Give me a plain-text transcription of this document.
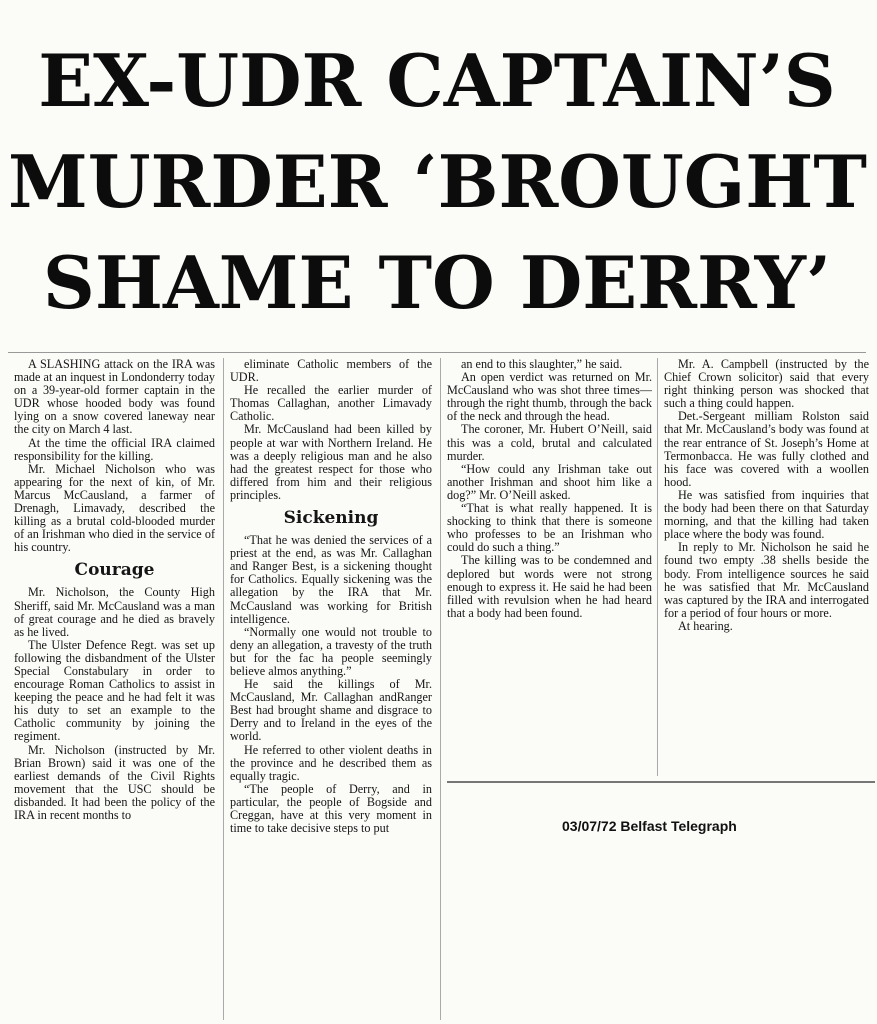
EX-UDR CAPTAIN’S
MURDER ‘BROUGHT
SHAME TO DERRY’

A SLASHING attack on the IRA was made at an inquest in Londonderry today on a 39-year-old former captain in the UDR whose hooded body was found lying on a snow covered laneway near the city on March 4 last.

At the time the official IRA claimed responsibility for the killing.

Mr. Michael Nicholson who was appearing for the next of kin, of Mr. Marcus McCausland, a farmer of Drenagh, Limavady, described the killing as a brutal cold-blooded murder of an Irishman who died in the service of his country.

Courage

Mr. Nicholson, the County High Sheriff, said Mr. McCausland was a man of great courage and he died as bravely as he lived.

The Ulster Defence Regt. was set up following the disbandment of the Ulster Special Constabulary in order to encourage Roman Catholics to assist in keeping the peace and he had felt it was his duty to set an example to the Catholic community by joining the regiment.

Mr. Nicholson (instructed by Mr. Brian Brown) said it was one of the earliest demands of the Civil Rights movement that the USC should be disbanded. It had been the policy of the IRA in recent months to

eliminate Catholic members of the UDR.

He recalled the earlier murder of Thomas Callaghan, another Limavady Catholic.

Mr. McCausland had been killed by people at war with Northern Ireland. He was a deeply religious man and he also had the greatest respect for those who differed from him and their religious principles.

Sickening

“That he was denied the services of a priest at the end, as was Mr. Callaghan and Ranger Best, is a sickening thought for Catholics. Equally sickening was the allegation by the IRA that Mr. McCausland was working for British intelligence.

“Normally one would not trouble to deny an allegation, a travesty of the truth but for the fac ha people seemingly believe almos anything.”

He said the killings of Mr. McCausland, Mr. Callaghan andRanger Best had brought shame and disgrace to Derry and to Ireland in the eyes of the world.

He referred to other violent deaths in the province and he described them as equally tragic.

“The people of Derry, and in particular, the people of Bogside and Creggan, have at this very moment in time to take decisive steps to put

an end to this slaughter,” he said.

An open verdict was returned on Mr. McCausland who was shot three times—through the right thumb, through the back of the neck and through the head.

The coroner, Mr. Hubert O’Neill, said this was a cold, brutal and calculated murder.

“How could any Irishman take out another Irishman and shoot him like a dog?” Mr. O’Neill asked.

“That is what really happened. It is shocking to think that there is someone who professes to be an Irishman who could do such a thing.”

The killing was to be condemned and deplored but words were not strong enough to express it. He said he had been filled with revulsion when he had heard that a body had been found.

Mr. A. Campbell (instructed by the Chief Crown solicitor) said that every right thinking person was shocked that such a thing could happen.

Det.-Sergeant milliam Rolston said that Mr. McCausland’s body was found at the rear entrance of St. Joseph’s Home at Termonbacca. He was fully clothed and his face was covered with a woollen hood.

He was satisfied from inquiries that the body had been there on that Saturday morning, and that the killing had taken place where the body was found.

In reply to Mr. Nicholson he said he found two empty .38 shells beside the body. From intelligence sources he said he was satisfied that Mr. McCausland was captured by the IRA and interrogated for a period of four hours or more.

At hearing.

03/07/72 Belfast Telegraph
